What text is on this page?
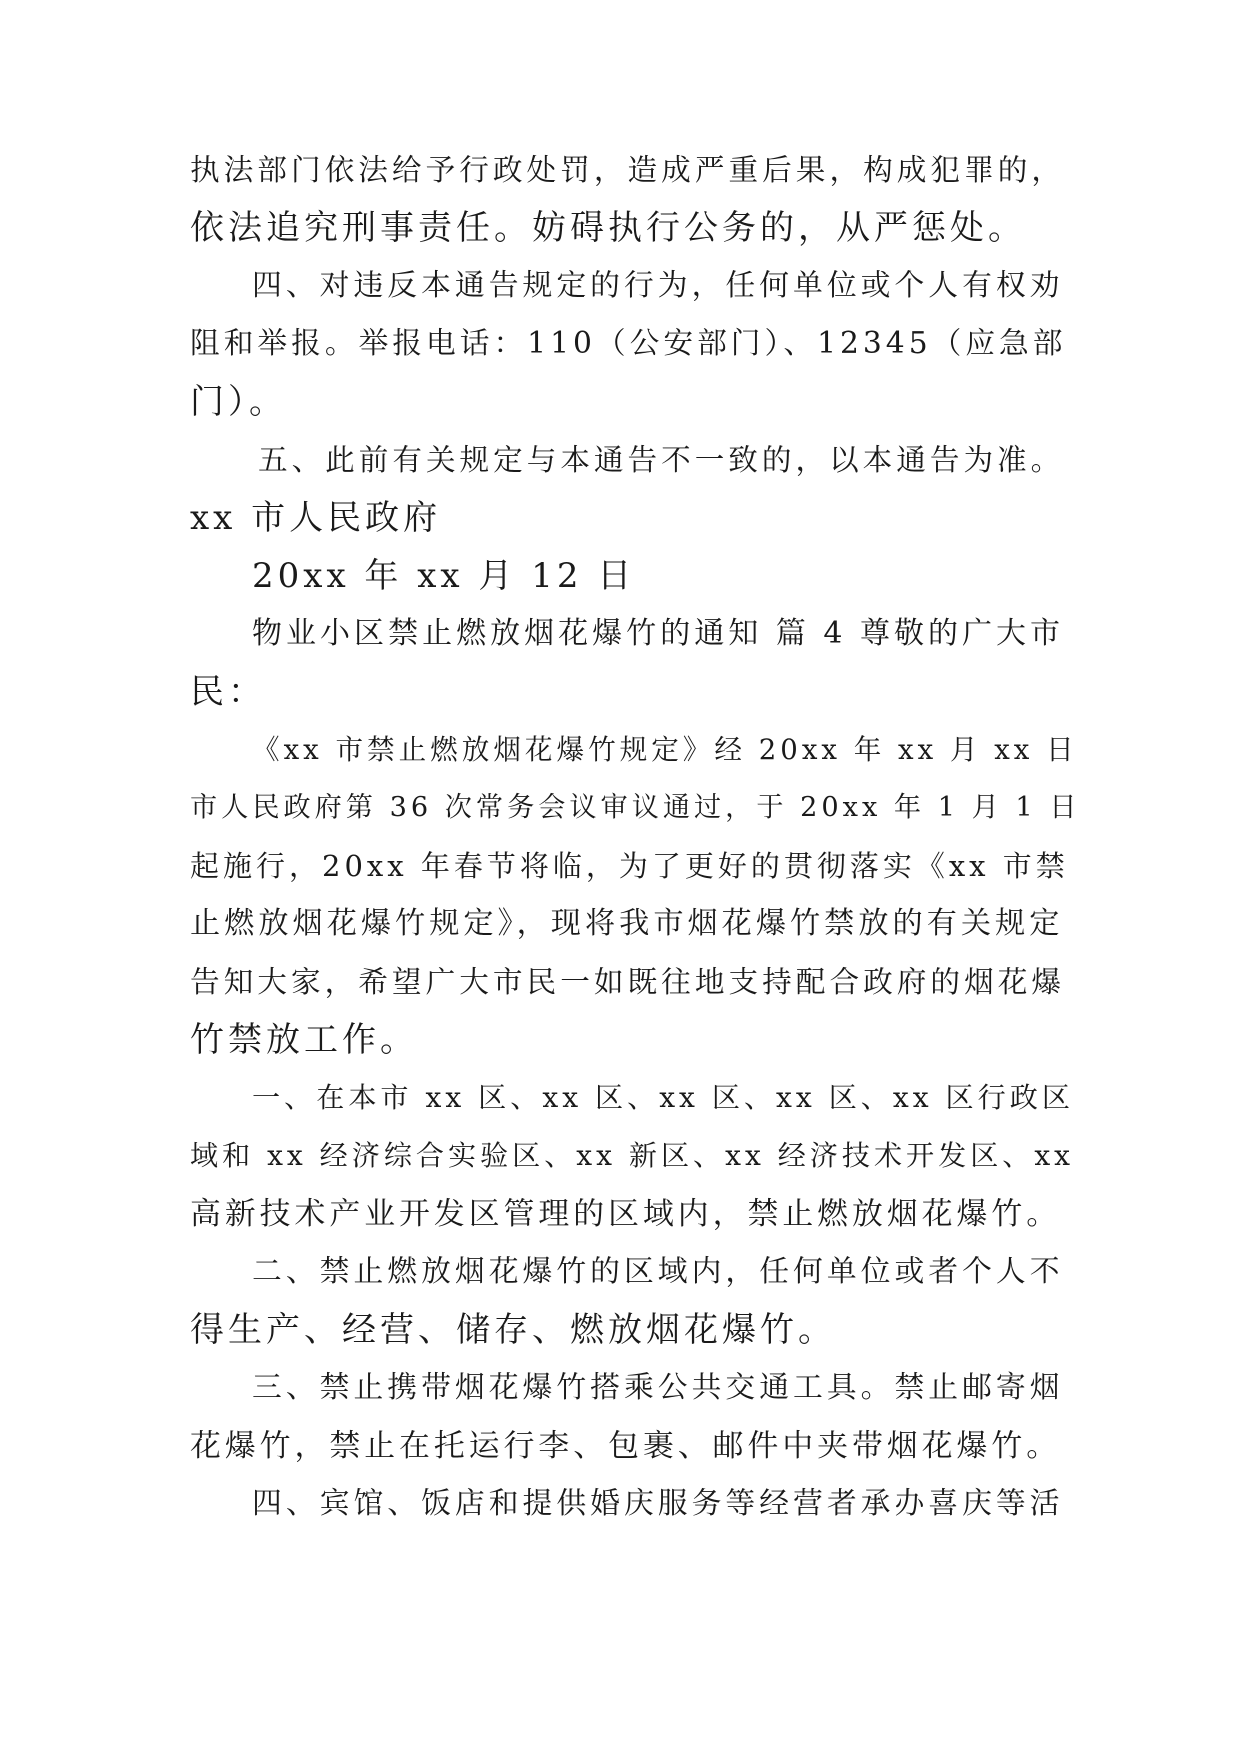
执法部门依法给予行政处罚，造成严重后果，构成犯罪的，
依法追究刑事责任。妨碍执行公务的，从严惩处。
四、对违反本通告规定的行为，任何单位或个人有权劝
阻和举报。举报电话：110（公安部门）、12345（应急部
门）。
五、此前有关规定与本通告不一致的，以本通告为准。
xx 市人民政府
20xx 年 xx 月 12 日
物业小区禁止燃放烟花爆竹的通知 篇 4 尊敬的广大市
民：
《xx 市禁止燃放烟花爆竹规定》经 20xx 年 xx 月 xx 日
市人民政府第 36 次常务会议审议通过，于 20xx 年 1 月 1 日
起施行，20xx 年春节将临，为了更好的贯彻落实《xx 市禁
止燃放烟花爆竹规定》，现将我市烟花爆竹禁放的有关规定
告知大家，希望广大市民一如既往地支持配合政府的烟花爆
竹禁放工作。
一、在本市 xx 区、xx 区、xx 区、xx 区、xx 区行政区
域和 xx 经济综合实验区、xx 新区、xx 经济技术开发区、xx
高新技术产业开发区管理的区域内，禁止燃放烟花爆竹。
二、禁止燃放烟花爆竹的区域内，任何单位或者个人不
得生产、经营、储存、燃放烟花爆竹。
三、禁止携带烟花爆竹搭乘公共交通工具。禁止邮寄烟
花爆竹，禁止在托运行李、包裹、邮件中夹带烟花爆竹。
四、宾馆、饭店和提供婚庆服务等经营者承办喜庆等活
